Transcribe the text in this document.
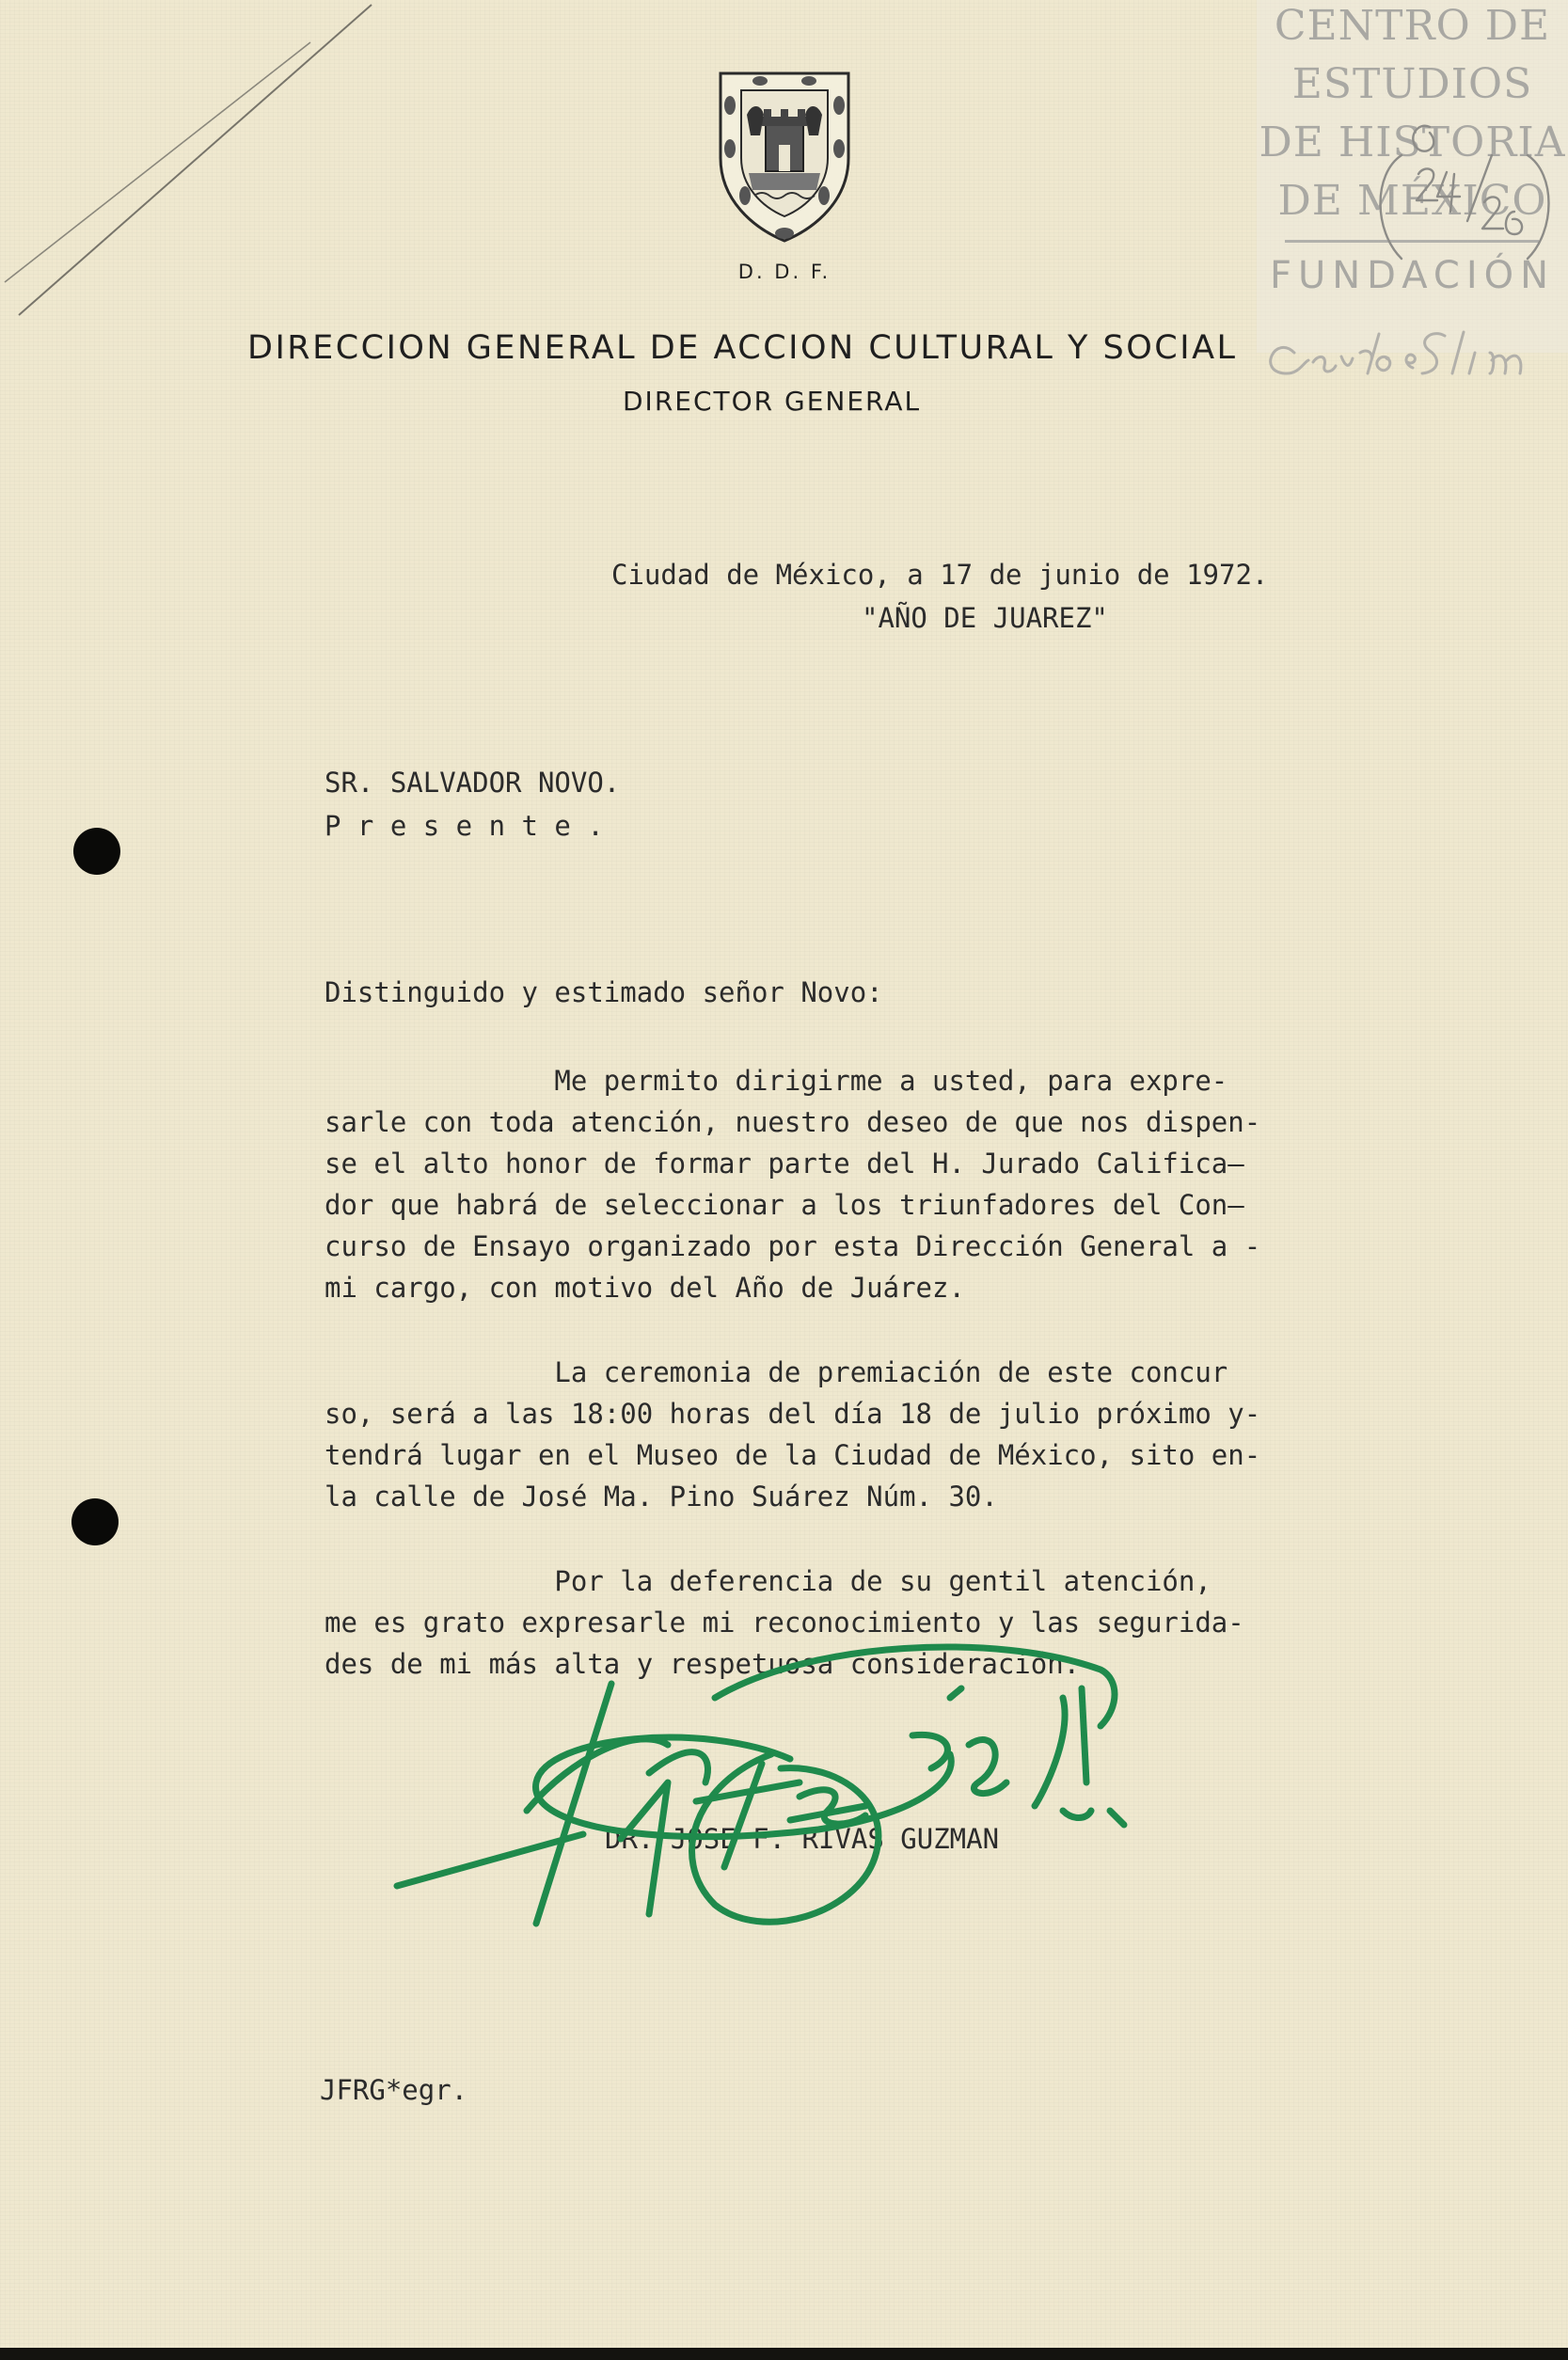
CENTRO DE
ESTUDIOS
DE HISTORIA
DE MÉXICO
FUNDACIÓN
D. D. F.
DIRECCION GENERAL DE ACCION CULTURAL Y SOCIAL
DIRECTOR GENERAL
Ciudad de México, a 17 de junio de 1972.
"AÑO DE JUAREZ"
SR. SALVADOR NOVO.
P r e s e n t e .
Distinguido y estimado señor Novo:
Me permito dirigirme a usted, para expre-
sarle con toda atención, nuestro deseo de que nos dispen-
se el alto honor de formar parte del H. Jurado Califica—
dor que habrá de seleccionar a los triunfadores del Con—
curso de Ensayo organizado por esta Dirección General a -
mi cargo, con motivo del Año de Juárez.
La ceremonia de premiación de este concur
so, será a las 18:00 horas del día 18 de julio próximo y-
tendrá lugar en el Museo de la Ciudad de México, sito en-
la calle de José Ma. Pino Suárez Núm. 30.
Por la deferencia de su gentil atención,
me es grato expresarle mi reconocimiento y las segurida-
des de mi más alta y respetuosa consideración.
DR. JOSE F. RIVAS GUZMAN
JFRG*egr.
